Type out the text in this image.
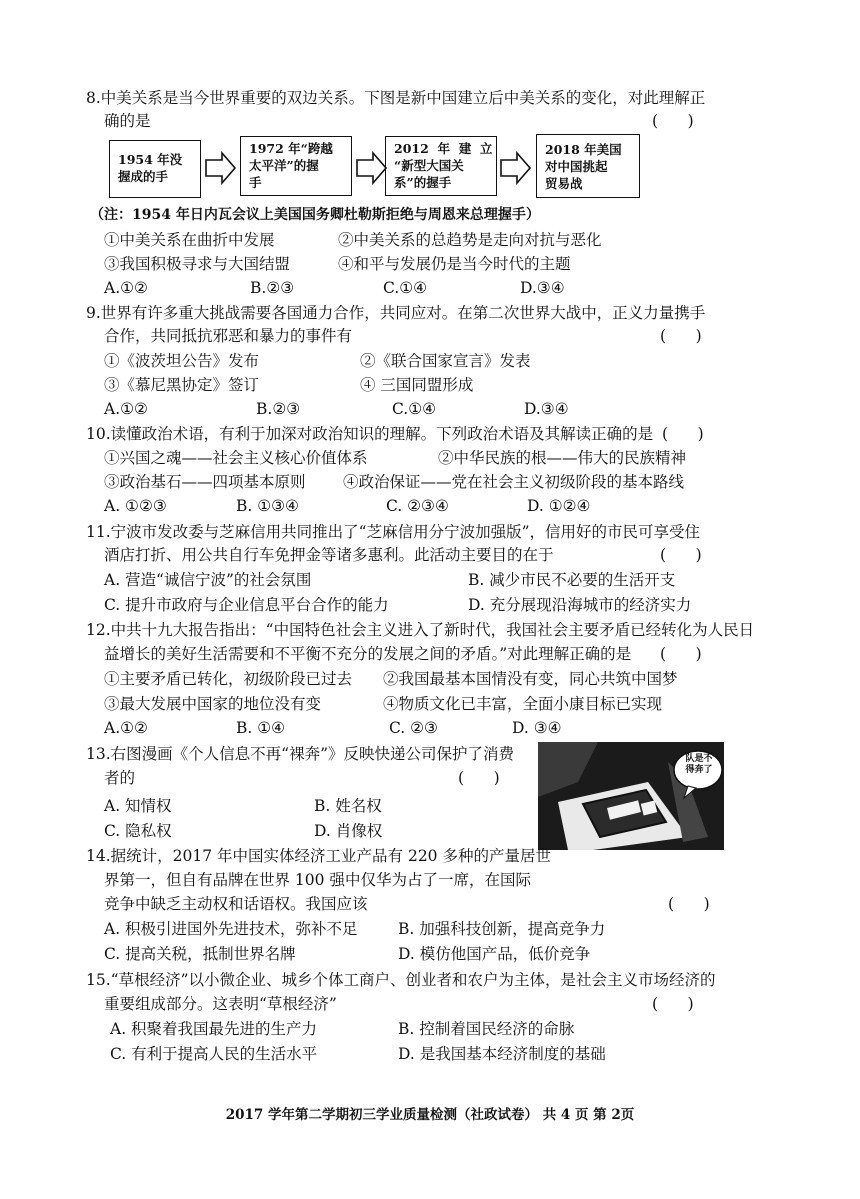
8.中美关系是当今世界重要的双边关系。下图是新中国建立后中美关系的变化，对此理解正
确的是	(      )
1954 年没
握成的手
1972 年“跨越
太平洋”的握
手
2012  年  建  立
“新型大国关
系”的握手
2018 年美国
对中国挑起
贸易战
（注：1954 年日内瓦会议上美国国务卿杜勒斯拒绝与周恩来总理握手）
①中美关系在曲折中发展	②中美关系的总趋势是走向对抗与恶化
③我国积极寻求与大国结盟	④和平与发展仍是当今时代的主题
A.①②	B.②③	C.①④	D.③④
9.世界有许多重大挑战需要各国通力合作，共同应对。在第二次世界大战中，正义力量携手
合作，共同抵抗邪恶和暴力的事件有	(      )
①《波茨坦公告》发布	②《联合国家宣言》发表
③《慕尼黑协定》签订	④ 三国同盟形成
A.①②	B.②③	C.①④	D.③④
10.读懂政治术语，有利于加深对政治知识的理解。下列政治术语及其解读正确的是 (      )
①兴国之魂——社会主义核心价值体系	②中华民族的根——伟大的民族精神
③政治基石——四项基本原则 ④政治保证——党在社会主义初级阶段的基本路线
A. ①②③	B. ①③④	C. ②③④	D. ①②④
11.宁波市发改委与芝麻信用共同推出了“芝麻信用分宁波加强版”，信用好的市民可享受住
酒店打折、用公共自行车免押金等诸多惠利。此活动主要目的在于	(      )
A. 营造“诚信宁波”的社会氛围	B. 减少市民不必要的生活开支
C. 提升市政府与企业信息平台合作的能力	D. 充分展现沿海城市的经济实力
12.中共十九大报告指出：“中国特色社会主义进入了新时代，我国社会主要矛盾已经转化为人民日
益增长的美好生活需要和不平衡不充分的发展之间的矛盾。”对此理解正确的是 (      )
①主要矛盾已转化，初级阶段已过去 ②我国最基本国情没有变，同心共筑中国梦
③最大发展中国家的地位没有变	④物质文化已丰富，全面小康目标已实现
A.①②	B. ①④	C. ②③	D. ③④
13.右图漫画《个人信息不再“裸奔”》反映快递公司保护了消费
者的	(      )
A. 知情权	B. 姓名权
C. 隐私权	D. 肖像权
队是不
得奔了
14.据统计，2017 年中国实体经济工业产品有 220 多种的产量居世
界第一，但自有品牌在世界 100 强中仅华为占了一席，在国际
竞争中缺乏主动权和话语权。我国应该	(      )
A. 积极引进国外先进技术，弥补不足	B. 加强科技创新，提高竞争力
C. 提高关税，抵制世界名牌	D. 模仿他国产品，低价竞争
15.“草根经济”以小微企业、城乡个体工商户、创业者和农户为主体，是社会主义市场经济的
重要组成部分。这表明“草根经济”	(      )
A. 积聚着我国最先进的生产力	B. 控制着国民经济的命脉
C. 有利于提高人民的生活水平	D. 是我国基本经济制度的基础
2017 学年第二学期初三学业质量检测（社政试卷） 共 4 页 第 2页
